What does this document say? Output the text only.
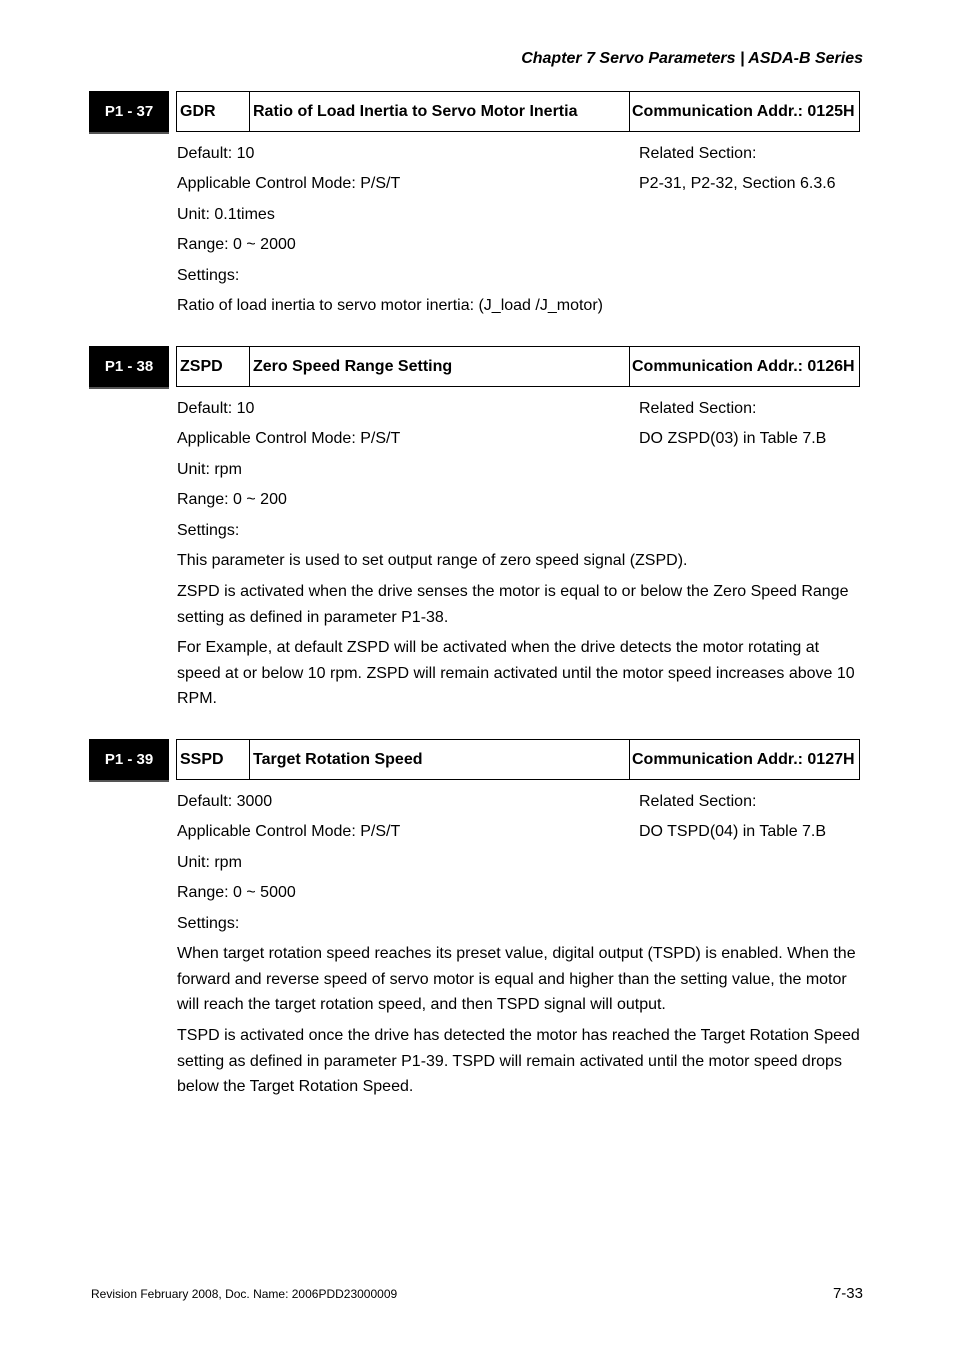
Chapter 7 Servo Parameters | ASDA-B Series
P1 - 37	GDR	Ratio of Load Inertia to Servo Motor Inertia	Communication Addr.: 0125H
Default: 10	Related Section:
Applicable Control Mode: P/S/T	P2-31, P2-32, Section 6.3.6
Unit: 0.1times
Range: 0 ~ 2000
Settings:
Ratio of load inertia to servo motor inertia: (J_load /J_motor)
P1 - 38	ZSPD	Zero Speed Range Setting	Communication Addr.: 0126H
Default: 10	Related Section:
Applicable Control Mode: P/S/T	DO ZSPD(03) in Table 7.B
Unit: rpm
Range: 0 ~ 200
Settings:
This parameter is used to set output range of zero speed signal (ZSPD).
ZSPD is activated when the drive senses the motor is equal to or below the Zero Speed Range setting as defined in parameter P1-38.
For Example, at default ZSPD will be activated when the drive detects the motor rotating at speed at or below 10 rpm. ZSPD will remain activated until the motor speed increases above 10 RPM.
P1 - 39	SSPD	Target Rotation Speed	Communication Addr.: 0127H
Default: 3000	Related Section:
Applicable Control Mode: P/S/T	DO TSPD(04) in Table 7.B
Unit: rpm
Range: 0 ~ 5000
Settings:
When target rotation speed reaches its preset value, digital output (TSPD) is enabled. When the forward and reverse speed of servo motor is equal and higher than the setting value, the motor will reach the target rotation speed, and then TSPD signal will output.
TSPD is activated once the drive has detected the motor has reached the Target Rotation Speed setting as defined in parameter P1-39. TSPD will remain activated until the motor speed drops below the Target Rotation Speed.
Revision February 2008, Doc. Name: 2006PDD23000009	7-33
